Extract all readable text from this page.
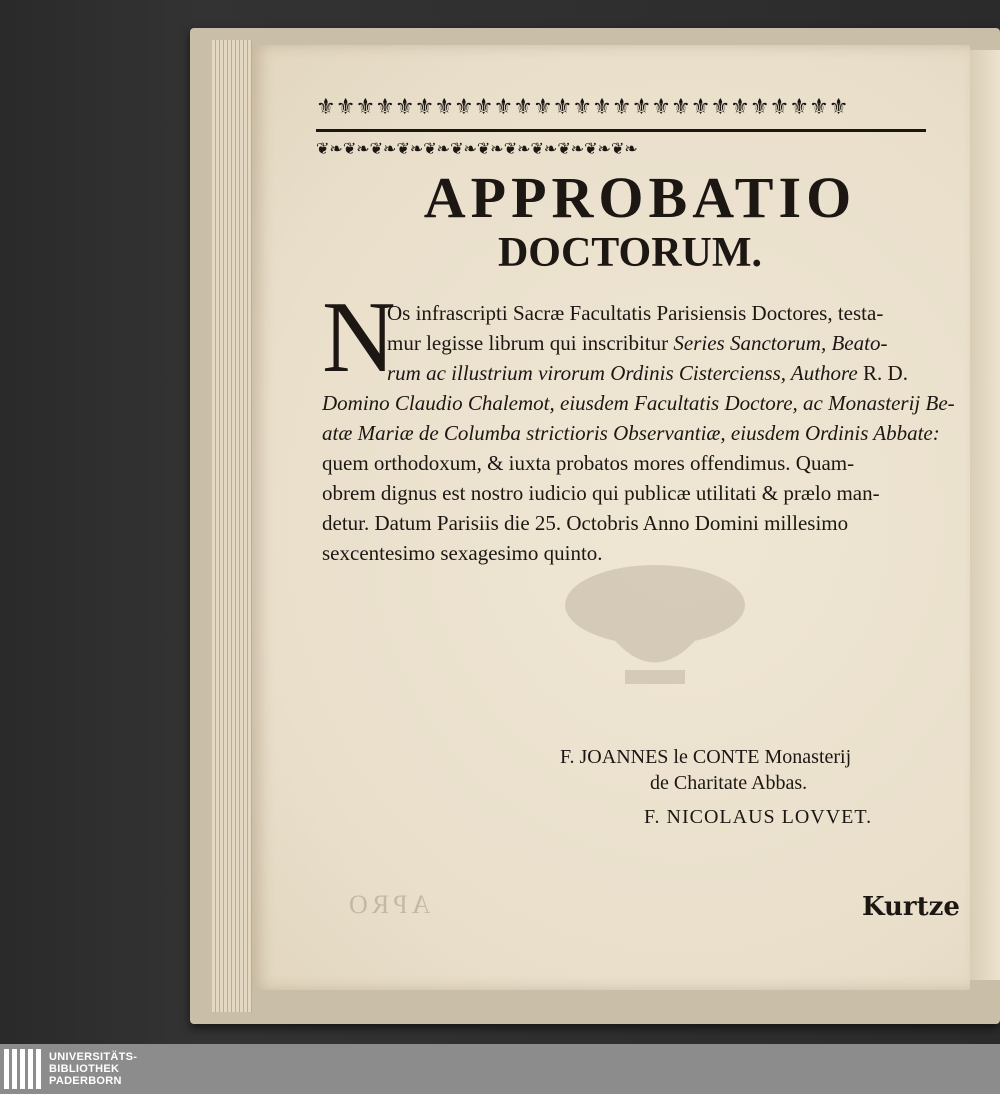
⚜⚜⚜⚜⚜⚜⚜⚜⚜⚜⚜⚜⚜⚜⚜⚜⚜⚜⚜⚜⚜⚜⚜⚜⚜⚜⚜
❦❧❦❧❦❧❦❧❦❧❦❧❦❧❦❧❦❧❦❧❦❧❦❧
APPROBATIO
DOCTORUM.
N
Os infrascripti Sacræ Facultatis Parisiensis Doctores, testa-
mur legisse librum qui inscribitur Series Sanctorum, Beato-
rum ac illustrium virorum Ordinis Cistercienss, Authore R. D.
Domino Claudio Chalemot, eiusdem Facultatis Doctore, ac Monasterij Be-
atæ Mariæ de Columba strictioris Observantiæ, eiusdem Ordinis Abbate:
quem orthodoxum, & iuxta probatos mores offendimus. Quam-
obrem dignus est nostro iudicio qui publicæ utilitati & prælo man-
detur. Datum Parisiis die 25. Octobris Anno Domini millesimo
sexcentesimo sexagesimo quinto.
F. JOANNES le CONTE Monasterij
de Charitate Abbas.
F. NICOLAUS LOVVET.
APRO	Kurtze
UNIVERSITÄTS-
BIBLIOTHEK
PADERBORN
